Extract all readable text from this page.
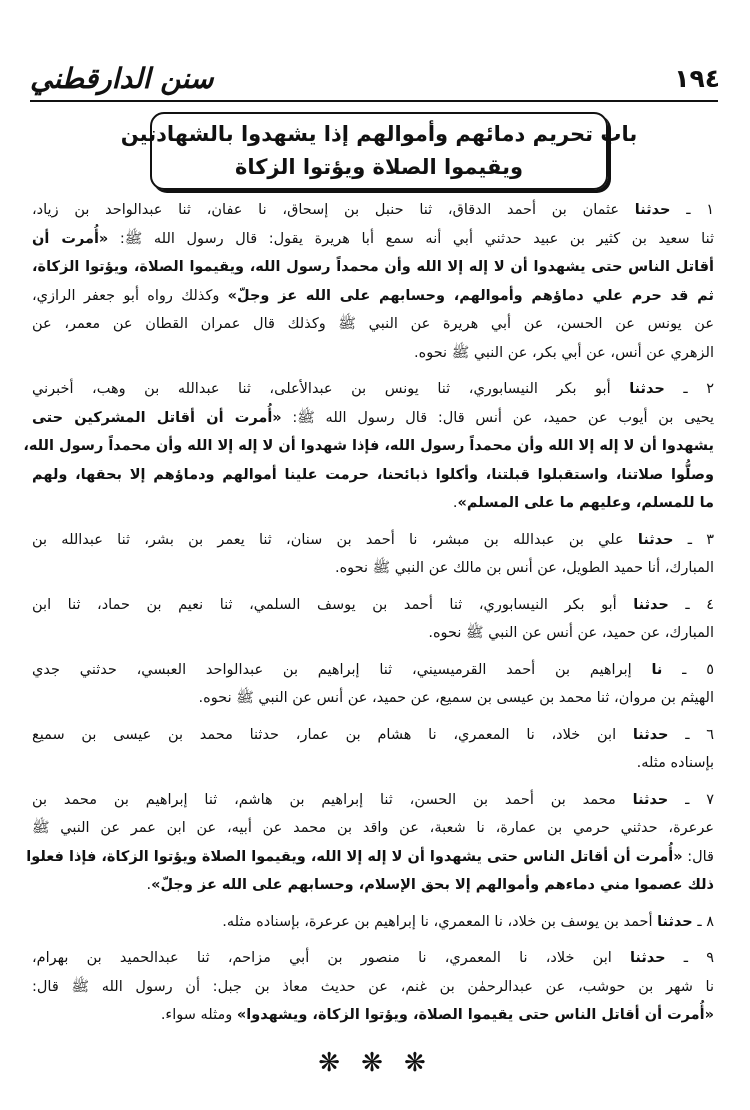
١٩٤
سنن الدارقطني
باب تحريم دمائهم وأموالهم إذا يشهدوا بالشهادتين
ويقيموا الصلاة ويؤتوا الزكاة
١ ـ حدثنا عثمان بن أحمد الدقاق، ثنا حنبل بن إسحاق، نا عفان، ثنا عبدالواحد بن زياد،
ثنا سعيد بن كثير بن عبيد حدثني أبي أنه سمع أبا هريرة يقول: قال رسول الله ﷺ: «أُمرت أن
أقاتل الناس حتى يشهدوا أن لا إله إلا الله وأن محمداً رسول الله، ويقيموا الصلاة، ويؤتوا الزكاة،
ثم قد حرم علي دماؤهم وأموالهم، وحسابهم على الله عز وجلّ» وكذلك رواه أبو جعفر الرازي،
عن يونس عن الحسن، عن أبي هريرة عن النبي ﷺ وكذلك قال عمران القطان عن معمر، عن
الزهري عن أنس، عن أبي بكر، عن النبي ﷺ نحوه.
٢ ـ حدثنا أبو بكر النيسابوري، ثنا يونس بن عبدالأعلى، ثنا عبدالله بن وهب، أخبرني
يحيى بن أيوب عن حميد، عن أنس قال: قال رسول الله ﷺ: «أُمرت أن أقاتل المشركين حتى
يشهدوا أن لا إله إلا الله وأن محمداً رسول الله، فإذا شهدوا أن لا إله إلا الله وأن محمداً رسول الله،
وصلُّوا صلاتنا، واستقبلوا قبلتنا، وأكلوا ذبائحنا، حرمت علينا أموالهم ودماؤهم إلا بحقها، ولهم
ما للمسلم، وعليهم ما على المسلم».
٣ ـ حدثنا علي بن عبدالله بن مبشر، نا أحمد بن سنان، ثنا يعمر بن بشر، ثنا عبدالله بن
المبارك، أنا حميد الطويل، عن أنس بن مالك عن النبي ﷺ نحوه.
٤ ـ حدثنا أبو بكر النيسابوري، ثنا أحمد بن يوسف السلمي، ثنا نعيم بن حماد، ثنا ابن
المبارك، عن حميد، عن أنس عن النبي ﷺ نحوه.
٥ ـ نا إبراهيم بن أحمد القرميسيني، ثنا إبراهيم بن عبدالواحد العبسي، حدثني جدي
الهيثم بن مروان، ثنا محمد بن عيسى بن سميع، عن حميد، عن أنس عن النبي ﷺ نحوه.
٦ ـ حدثنا ابن خلاد، نا المعمري، نا هشام بن عمار، حدثنا محمد بن عيسى بن سميع
بإسناده مثله.
٧ ـ حدثنا محمد بن أحمد بن الحسن، ثنا إبراهيم بن هاشم، ثنا إبراهيم بن محمد بن
عرعرة، حدثني حرمي بن عمارة، نا شعبة، عن واقد بن محمد عن أبيه، عن ابن عمر عن النبي ﷺ
قال: «أُمرت أن أقاتل الناس حتى يشهدوا أن لا إله إلا الله، ويقيموا الصلاة ويؤتوا الزكاة، فإذا فعلوا
ذلك عصموا مني دماءهم وأموالهم إلا بحق الإسلام، وحسابهم على الله عز وجلّ».
٨ ـ حدثنا أحمد بن يوسف بن خلاد، نا المعمري، نا إبراهيم بن عرعرة، بإسناده مثله.
٩ ـ حدثنا ابن خلاد، نا المعمري، نا منصور بن أبي مزاحم، ثنا عبدالحميد بن بهرام،
نا شهر بن حوشب، عن عبدالرحمٰن بن غنم، عن حديث معاذ بن جبل: أن رسول الله ﷺ قال:
«أُمرت أن أقاتل الناس حتى يقيموا الصلاة، ويؤتوا الزكاة، ويشهدوا» ومثله سواء.
❋ ❋ ❋
